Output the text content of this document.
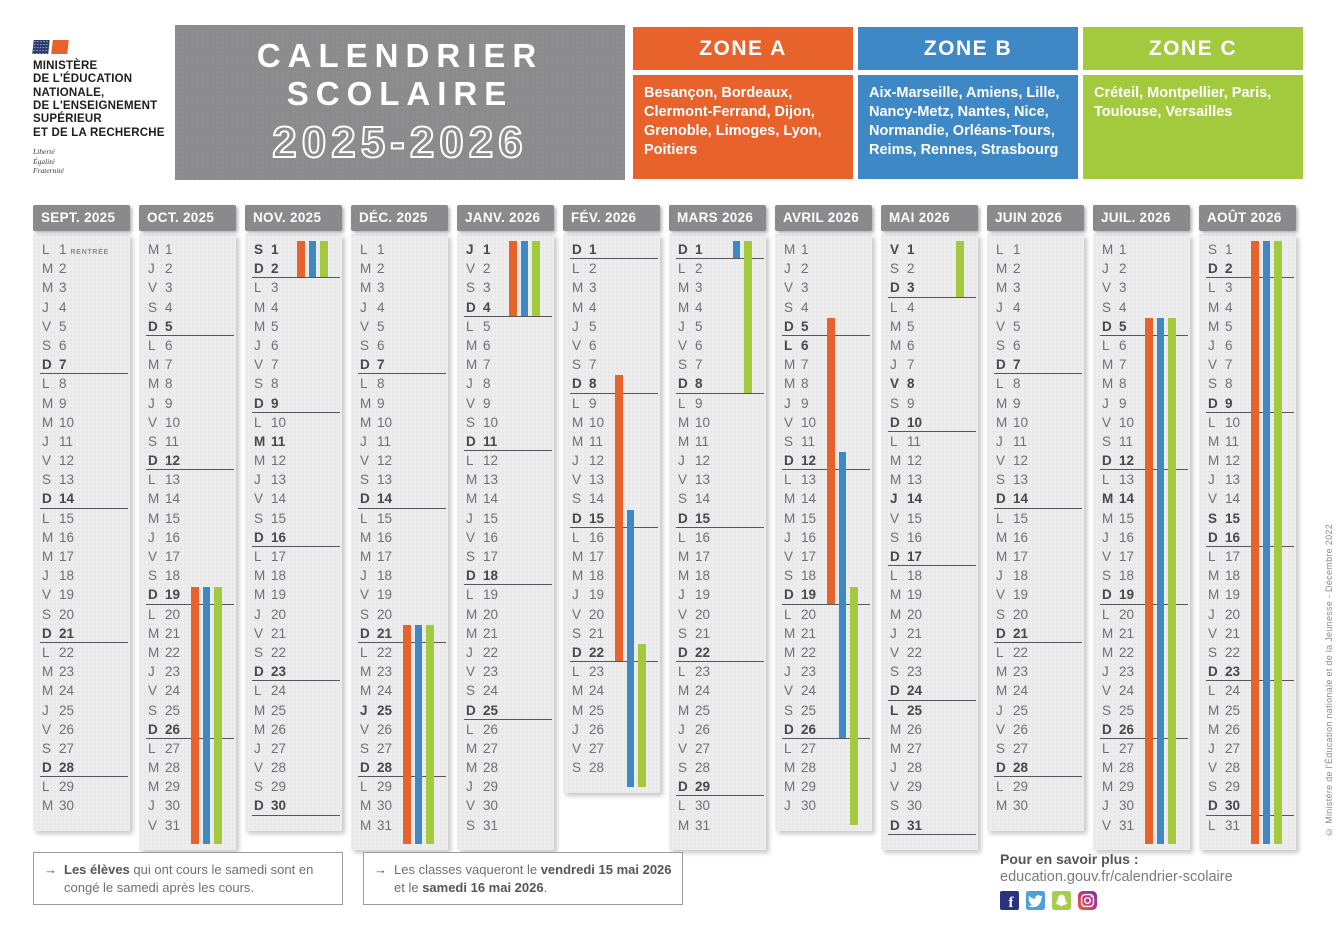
MINISTÈRE
DE L'ÉDUCATION
NATIONALE,
DE L'ENSEIGNEMENT
SUPÉRIEUR
ET DE LA RECHERCHE
Liberté
Égalité
Fraternité
CALENDRIER
SCOLAIRE
2025-2026
ZONE A
Besançon, Bordeaux, Clermont-Ferrand, Dijon, Grenoble, Limoges, Lyon, Poitiers
ZONE B
Aix-Marseille, Amiens, Lille, Nancy-Metz, Nantes, Nice, Normandie, Orléans-Tours, Reims, Rennes, Strasbourg
ZONE C
Créteil, Montpellier, Paris, Toulouse, Versailles
SEPT. 2025
L 1 RENTRÉE
M 2
M 3
J 4
V 5
S 6
D 7
L 8
M 9
M 10
J 11
V 12
S 13
D 14
L 15
M 16
M 17
J 18
V 19
S 20
D 21
L 22
M 23
M 24
J 25
V 26
S 27
D 28
L 29
M 30
OCT. 2025
M 1
J 2
V 3
S 4
D 5
L 6
M 7
M 8
J 9
V 10
S 11
D 12
L 13
M 14
M 15
J 16
V 17
S 18
D 19
L 20
M 21
M 22
J 23
V 24
S 25
D 26
L 27
M 28
M 29
J 30
V 31
NOV. 2025
S 1
D 2
L 3
M 4
M 5
J 6
V 7
S 8
D 9
L 10
M 11
M 12
J 13
V 14
S 15
D 16
L 17
M 18
M 19
J 20
V 21
S 22
D 23
L 24
M 25
M 26
J 27
V 28
S 29
D 30
DÉC. 2025
L 1
M 2
M 3
J 4
V 5
S 6
D 7
L 8
M 9
M 10
J 11
V 12
S 13
D 14
L 15
M 16
M 17
J 18
V 19
S 20
D 21
L 22
M 23
M 24
J 25
V 26
S 27
D 28
L 29
M 30
M 31
JANV. 2026
J 1
V 2
S 3
D 4
L 5
M 6
M 7
J 8
V 9
S 10
D 11
L 12
M 13
M 14
J 15
V 16
S 17
D 18
L 19
M 20
M 21
J 22
V 23
S 24
D 25
L 26
M 27
M 28
J 29
V 30
S 31
FÉV. 2026
D 1
L 2
M 3
M 4
J 5
V 6
S 7
D 8
L 9
M 10
M 11
J 12
V 13
S 14
D 15
L 16
M 17
M 18
J 19
V 20
S 21
D 22
L 23
M 24
M 25
J 26
V 27
S 28
MARS 2026
D 1
L 2
M 3
M 4
J 5
V 6
S 7
D 8
L 9
M 10
M 11
J 12
V 13
S 14
D 15
L 16
M 17
M 18
J 19
V 20
S 21
D 22
L 23
M 24
M 25
J 26
V 27
S 28
D 29
L 30
M 31
AVRIL 2026
M 1
J 2
V 3
S 4
D 5
L 6
M 7
M 8
J 9
V 10
S 11
D 12
L 13
M 14
M 15
J 16
V 17
S 18
D 19
L 20
M 21
M 22
J 23
V 24
S 25
D 26
L 27
M 28
M 29
J 30
MAI 2026
V 1
S 2
D 3
L 4
M 5
M 6
J 7
V 8
S 9
D 10
L 11
M 12
M 13
J 14
V 15
S 16
D 17
L 18
M 19
M 20
J 21
V 22
S 23
D 24
L 25
M 26
M 27
J 28
V 29
S 30
D 31
JUIN 2026
L 1
M 2
M 3
J 4
V 5
S 6
D 7
L 8
M 9
M 10
J 11
V 12
S 13
D 14
L 15
M 16
M 17
J 18
V 19
S 20
D 21
L 22
M 23
M 24
J 25
V 26
S 27
D 28
L 29
M 30
JUIL. 2026
M 1
J 2
V 3
S 4
D 5
L 6
M 7
M 8
J 9
V 10
S 11
D 12
L 13
M 14
M 15
J 16
V 17
S 18
D 19
L 20
M 21
M 22
J 23
V 24
S 25
D 26
L 27
M 28
M 29
J 30
V 31
AOÛT 2026
S 1
D 2
L 3
M 4
M 5
J 6
V 7
S 8
D 9
L 10
M 11
M 12
J 13
V 14
S 15
D 16
L 17
M 18
M 19
J 20
V 21
S 22
D 23
L 24
M 25
M 26
J 27
V 28
S 29
D 30
L 31
→ Les élèves qui ont cours le samedi sont en congé le samedi après les cours.
→ Les classes vaqueront le vendredi 15 mai 2026 et le samedi 16 mai 2026.
Pour en savoir plus :
education.gouv.fr/calendrier-scolaire
f
© Ministère de l'Éducation nationale et de la Jeunesse - Décembre 2022
